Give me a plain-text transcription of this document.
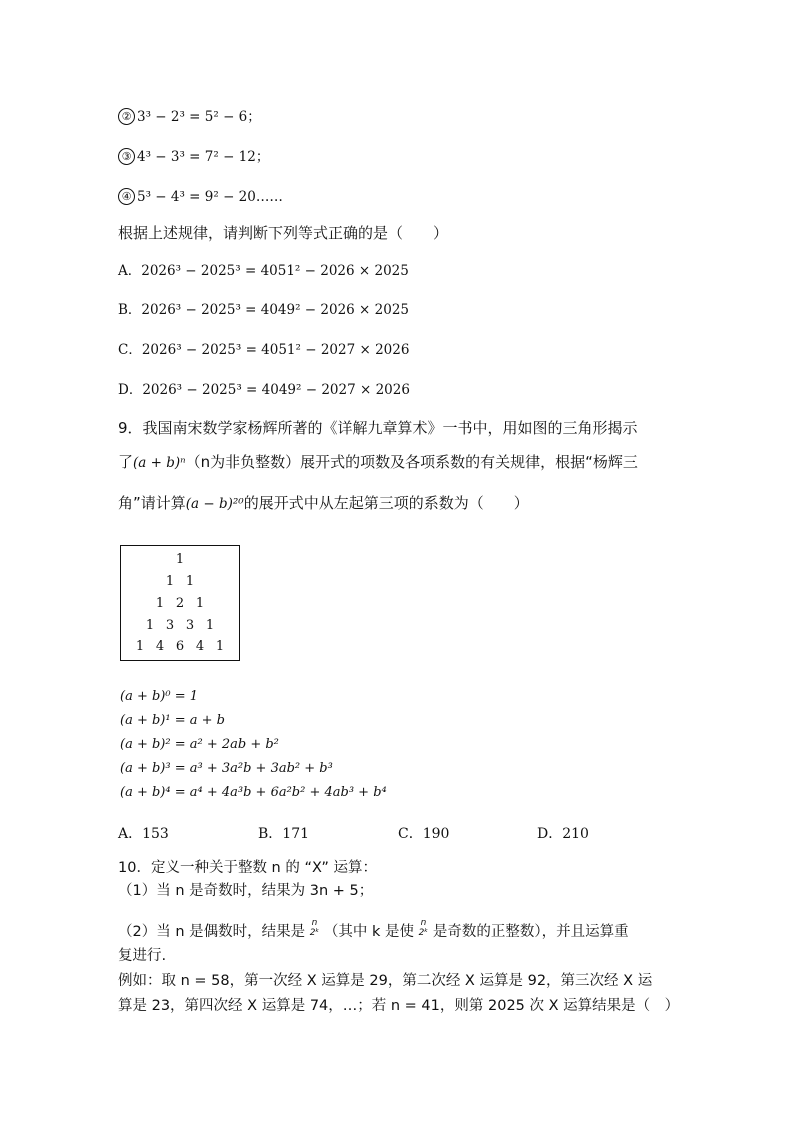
② 3³ − 2³ = 5² − 6；
③ 4³ − 3³ = 7² − 12；
④ 5³ − 4³ = 9² − 20……
根据上述规律，请判断下列等式正确的是（　　）
A．2026³ − 2025³ = 4051² − 2026 × 2025
B．2026³ − 2025³ = 4049² − 2026 × 2025
C．2026³ − 2025³ = 4051² − 2027 × 2026
D．2026³ − 2025³ = 4049² − 2027 × 2026
9．我国南宋数学家杨辉所著的《详解九章算术》一书中，用如图的三角形揭示
了(a + b)ⁿ（n为非负整数）展开式的项数及各项系数的有关规律，根据“杨辉三
角”请计算(a − b)²⁰的展开式中从左起第三项的系数为（　　）
1
1 1
1 2 1
1 3 3 1
1 4 6 4 1
(a + b)⁰ = 1
(a + b)¹ = a + b
(a + b)² = a² + 2ab + b²
(a + b)³ = a³ + 3a²b + 3ab² + b³
(a + b)⁴ = a⁴ + 4a³b + 6a²b² + 4ab³ + b⁴
A．153	B．171	C．190	D．210
10．定义一种关于整数 n 的 “X” 运算：
（1）当 n 是奇数时，结果为 3n + 5；
（2）当 n 是偶数时，结果是
n
2ᵏ （其中 k 是使
n
2ᵏ 是奇数的正整数），并且运算重
复进行.
例如：取 n = 58，第一次经 X 运算是 29，第二次经 X 运算是 92，第三次经 X 运
算是 23，第四次经 X 运算是 74，…；若 n = 41，则第 2025 次 X 运算结果是（　）
